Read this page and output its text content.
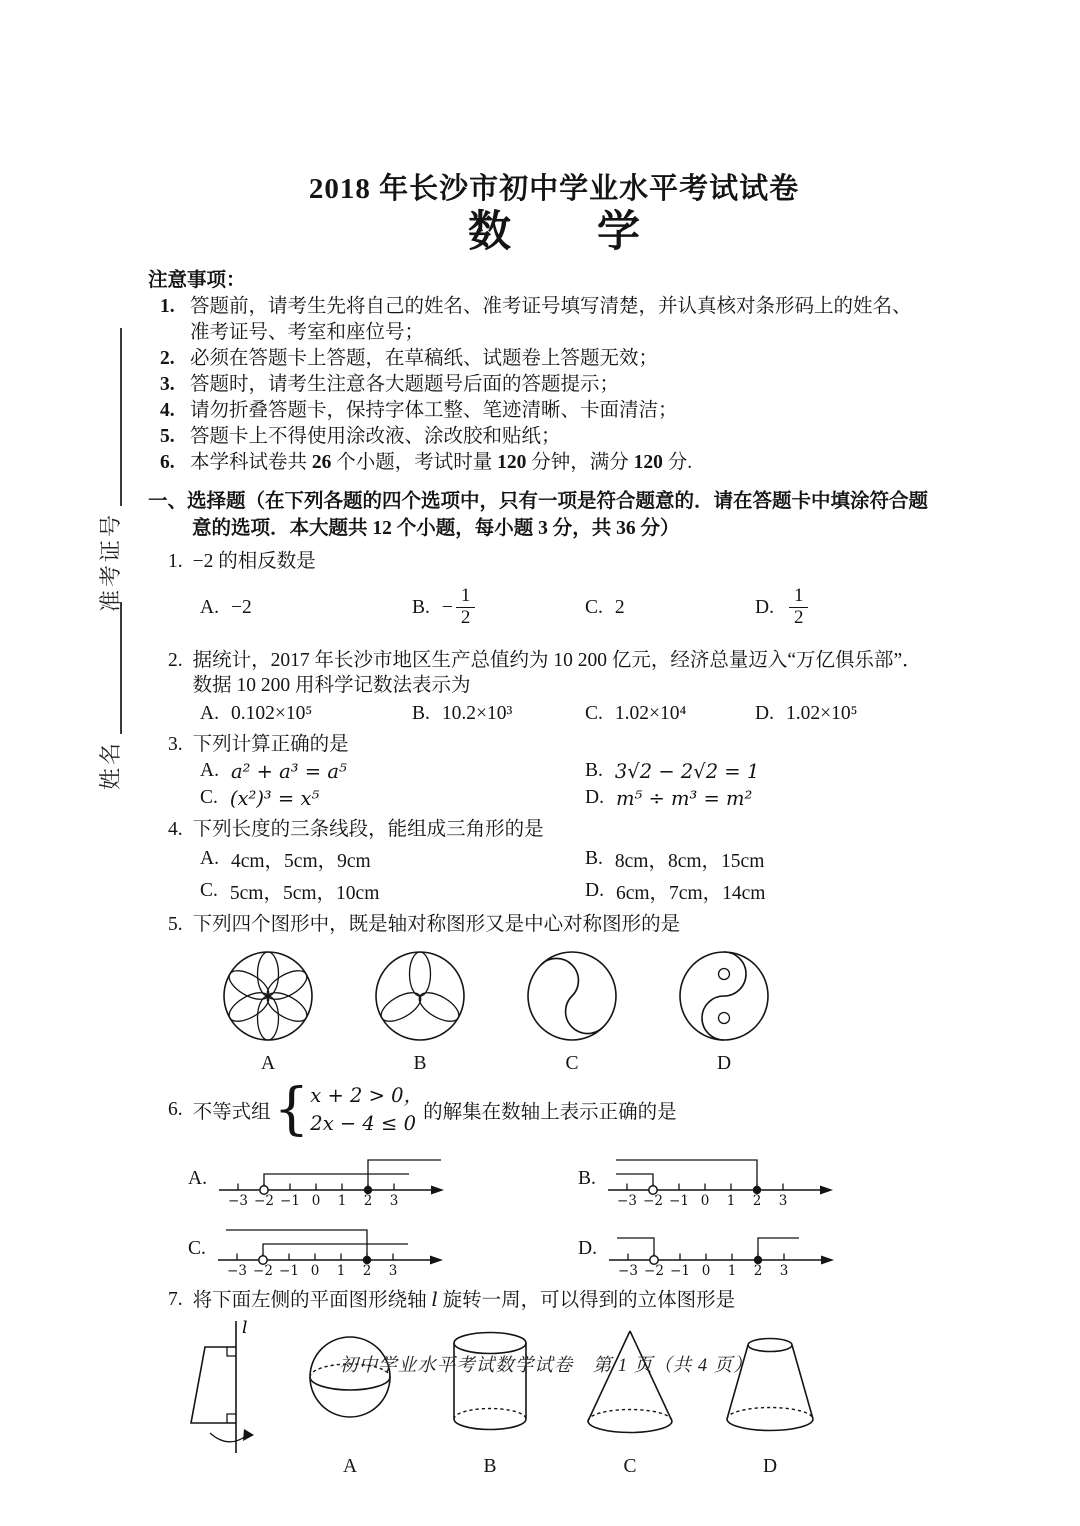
准考证号
姓名
2018 年长沙市初中学业水平考试试卷
数　　学
注意事项：
1. 答题前，请考生先将自己的姓名、准考证号填写清楚，并认真核对条形码上的姓名、
准考证号、考室和座位号；
2. 必须在答题卡上答题，在草稿纸、试题卷上答题无效；
3. 答题时，请考生注意各大题题号后面的答题提示；
4. 请勿折叠答题卡，保持字体工整、笔迹清晰、卡面清洁；
5. 答题卡上不得使用涂改液、涂改胶和贴纸；
6. 本学科试卷共 26 个小题，考试时量 120 分钟，满分 120 分.
一、选择题（在下列各题的四个选项中，只有一项是符合题意的．请在答题卡中填涂符合题
意的选项．本大题共 12 个小题，每小题 3 分，共 36 分）
1. −2 的相反数是
A. −2	B. − $\frac{1}{2}$	C. 2	D. $\frac{1}{2}$
2. 据统计，2017 年长沙市地区生产总值约为 10 200 亿元，经济总量迈入“万亿俱乐部”．
数据 10 200 用科学记数法表示为
A. 0.102×10⁵	B. 10.2×10³	C. 1.02×10⁴	D. 1.02×10⁵
3. 下列计算正确的是
A. a² + a³ = a⁵	B. 3√2 − 2√2 = 1
C. (x²)³ = x⁵	D. m⁵ ÷ m³ = m²
4. 下列长度的三条线段，能组成三角形的是
A. 4cm，5cm，9cm	B. 8cm，8cm，15cm
C. 5cm，5cm，10cm	D. 6cm，7cm，14cm
5. 下列四个图形中，既是轴对称图形又是中心对称图形的是
A	B	C	D
6. 不等式组 { x + 2 > 0，
2x − 4 ≤ 0 的解集在数轴上表示正确的是
A.
−3 −2 −1 0 1 2 3
B.
−3 −2 −1 0 1 2 3
C.
−3 −2 −1 0 1 2 3
D.
−3 −2 −1 0 1 2 3
7. 将下面左侧的平面图形绕轴 l 旋转一周，可以得到的立体图形是
l
A	B	C	D
初中学业水平考试数学试卷　第 1 页（共 4 页）
